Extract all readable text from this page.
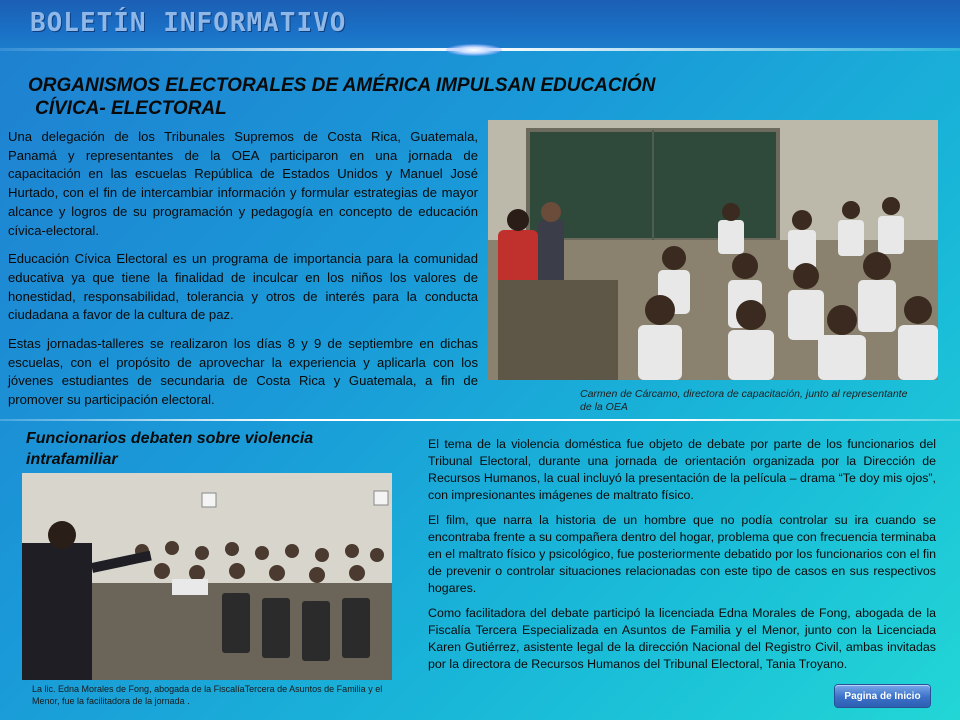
BOLETÍN INFORMATIVO
ORGANISMOS ELECTORALES DE AMÉRICA IMPULSAN EDUCACIÓN
CÍVICA- ELECTORAL

Una delegación de los Tribunales Supremos de Costa Rica, Guatemala, Panamá y representantes de la OEA participaron en una jornada de capacitación en las escuelas República de Estados Unidos y Manuel José Hurtado, con el fin de intercambiar información y formular estrategias de mayor alcance y logros de su programación y pedagogía en concepto de educación cívica-electoral.

Educación Cívica Electoral es un programa de importancia para la comunidad educativa ya que tiene la finalidad de inculcar en los niños los valores de honestidad, responsabilidad, tolerancia y otros de interés para la conducta ciudadana a favor de la cultura de paz.

Estas jornadas-talleres se realizaron los días 8 y 9 de septiembre en dichas escuelas, con el propósito de aprovechar la experiencia y aplicarla con los jóvenes estudiantes de secundaria de Costa Rica y Guatemala, a fin de promover su participación electoral.	Carmen de Cárcamo, directora de capacitación, junto al representante de la OEA
Funcionarios debaten sobre violencia intrafamiliar
La lic. Edna Morales de Fong, abogada de la FiscalíaTercera de Asuntos de Familia y el Menor, fue la facilitadora de la jornada .

El tema de la violencia doméstica fue objeto de debate por parte de los funcionarios del Tribunal Electoral, durante una jornada de orientación organizada por la Dirección de Recursos Humanos, la cual incluyó la presentación de la película – drama “Te doy mis ojos”, con impresionantes imágenes de maltrato físico.

El film, que narra la historia de un hombre que no podía controlar su ira cuando se encontraba frente a su compañera dentro del hogar, problema que con frecuencia terminaba en el maltrato físico y psicológico, fue posteriormente debatido por los funcionarios con el fin de prevenir o controlar situaciones relacionadas con este tipo de casos en sus respectivos hogares.

Como facilitadora del debate participó la licenciada Edna Morales de Fong, abogada de la Fiscalía Tercera Especializada en Asuntos de Familia y el Menor, junto con la Licenciada Karen Gutiérrez, asistente legal de la dirección Nacional del Registro Civil, ambas invitadas por la directora de Recursos Humanos del Tribunal Electoral, Tania Troyano.

Pagina de Inicio
